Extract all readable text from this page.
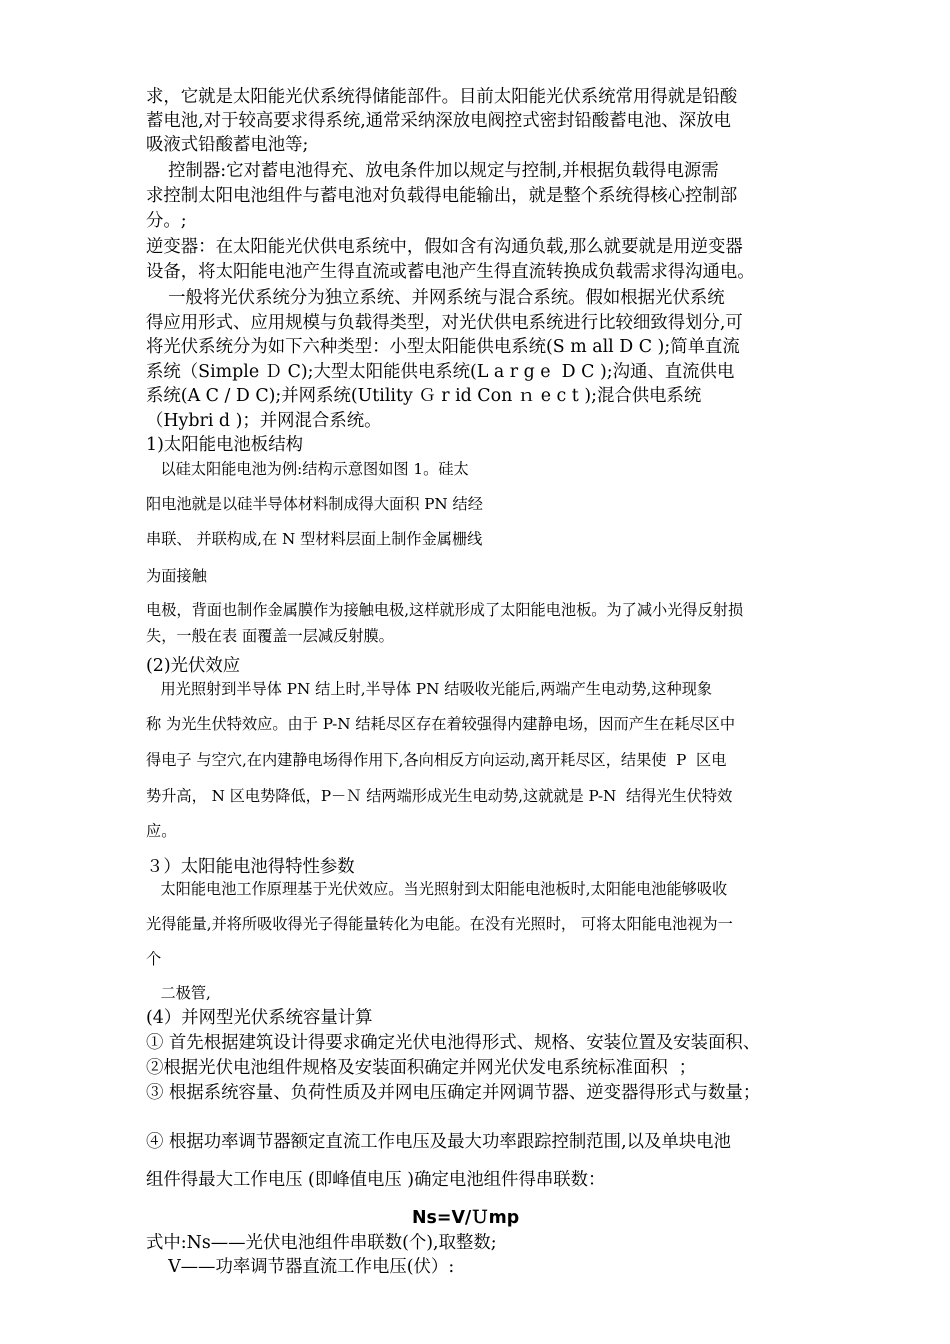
求，它就是太阳能光伏系统得储能部件。目前太阳能光伏系统常用得就是铅酸
蓄电池,对于较高要求得系统,通常采纳深放电阀控式密封铅酸蓄电池、深放电
吸液式铅酸蓄电池等;
控制器:它对蓄电池得充、放电条件加以规定与控制,并根据负载得电源需
求控制太阳电池组件与蓄电池对负载得电能输出，就是整个系统得核心控制部
分。;
逆变器：在太阳能光伏供电系统中，假如含有沟通负载,那么就要就是用逆变器
设备，将太阳能电池产生得直流或蓄电池产生得直流转换成负载需求得沟通电。
一般将光伏系统分为独立系统、并网系统与混合系统。假如根据光伏系统
得应用形式、应用规模与负载得类型，对光伏供电系统进行比较细致得划分,可
将光伏系统分为如下六种类型：小型太阳能供电系统(S m all D C );简单直流
系统（Simple Ｄ C);大型太阳能供电系统(L a r g e  D C );沟通、直流供电
系统(A C / D C);并网系统(Utility Ｇ r id Con ｎ e c t );混合供电系统
（Hybri d )；并网混合系统。
1)太阳能电池板结构
以硅太阳能电池为例:结构示意图如图 1。硅太
阳电池就是以硅半导体材料制成得大面积 PN 结经
串联、 并联构成,在 N 型材料层面上制作金属栅线
为面接触
电极，背面也制作金属膜作为接触电极,这样就形成了太阳能电池板。为了减小光得反射损
失，一般在表 面覆盖一层减反射膜。
(2)光伏效应
用光照射到半导体 PN 结上时,半导体 PN 结吸收光能后,两端产生电动势,这种现象
称 为光生伏特效应。由于 P-N 结耗尽区存在着较强得内建静电场，因而产生在耗尽区中
得电子 与空穴,在内建静电场得作用下,各向相反方向运动,离开耗尽区，结果使  P  区电
势升高， N 区电势降低，P－Ｎ 结两端形成光生电动势,这就就是 P-N  结得光生伏特效
应。
３）太阳能电池得特性参数
太阳能电池工作原理基于光伏效应。当光照射到太阳能电池板时,太阳能电池能够吸收
光得能量,并将所吸收得光子得能量转化为电能。在没有光照时， 可将太阳能电池视为一
个
二极管,
(4）并网型光伏系统容量计算
① 首先根据建筑设计得要求确定光伏电池得形式、规格、安装位置及安装面积、
②根据光伏电池组件规格及安装面积确定并网光伏发电系统标准面积  ；
③ 根据系统容量、负荷性质及并网电压确定并网调节器、逆变器得形式与数量；
④ 根据功率调节器额定直流工作电压及最大功率跟踪控制范围,以及单块电池
组件得最大工作电压 (即峰值电压 )确定电池组件得串联数：
Ns=V/Ｕmp
式中:Ns——光伏电池组件串联数(个),取整数;
V——功率调节器直流工作电压(伏）:
